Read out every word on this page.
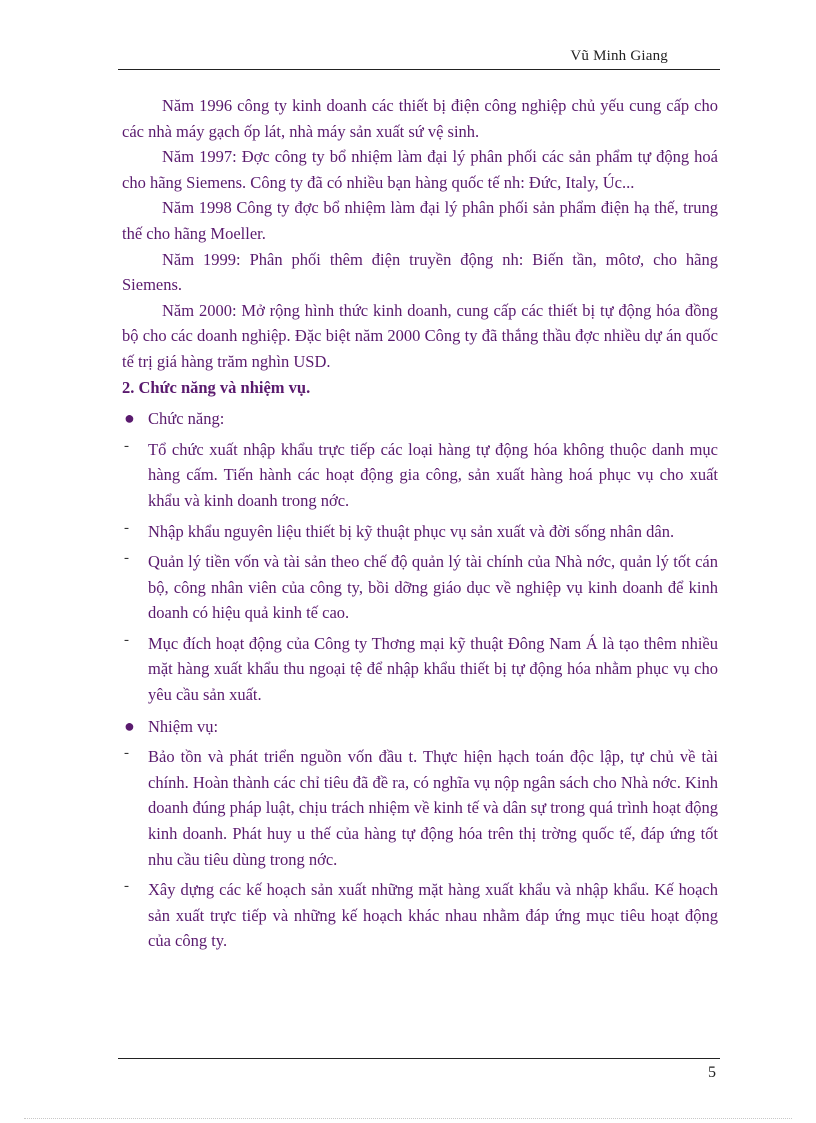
Vũ Minh Giang

Năm 1996 công ty kinh doanh các thiết bị điện công nghiệp chủ yếu cung cấp cho các nhà máy gạch ốp lát, nhà máy sản xuất sứ vệ sinh.

Năm 1997: Đợc công ty bổ nhiệm làm đại lý phân phối các sản phẩm tự động hoá cho hãng Siemens. Công ty đã có nhiều bạn hàng quốc tế nh: Đức, Italy, Úc...

Năm 1998 Công ty đợc bổ nhiệm làm đại lý phân phối sản phẩm điện hạ thế, trung thế cho hãng Moeller.

Năm 1999: Phân phối thêm điện truyền động nh: Biến tần, môtơ, cho hãng Siemens.

Năm 2000: Mở rộng hình thức kinh doanh, cung cấp các thiết bị tự động hóa đồng bộ cho các doanh nghiệp. Đặc biệt năm 2000 Công ty đã thắng thầu đợc nhiều dự án quốc tế trị giá hàng trăm nghìn USD.

2. Chức năng và nhiệm vụ.

● Chức năng:
- Tổ chức xuất nhập khẩu trực tiếp các loại hàng tự động hóa không thuộc danh mục hàng cấm. Tiến hành các hoạt động gia công, sản xuất hàng hoá phục vụ cho xuất khẩu và kinh doanh trong nớc.
- Nhập khẩu nguyên liệu thiết bị kỹ thuật phục vụ sản xuất và đời sống nhân dân.
- Quản lý tiền vốn và tài sản theo chế độ quản lý tài chính của Nhà nớc, quản lý tốt cán bộ, công nhân viên của công ty, bồi dỡng giáo dục về nghiệp vụ kinh doanh để kinh doanh có hiệu quả kinh tế cao.
- Mục đích hoạt động của Công ty Thơng mại kỹ thuật Đông Nam Á là tạo thêm nhiều mặt hàng xuất khẩu thu ngoại tệ để nhập khẩu thiết bị tự động hóa nhằm phục vụ cho yêu cầu sản xuất.
● Nhiệm vụ:
- Bảo tồn và phát triển nguồn vốn đầu t. Thực hiện hạch toán độc lập, tự chủ về tài chính. Hoàn thành các chỉ tiêu đã đề ra, có nghĩa vụ nộp ngân sách cho Nhà nớc. Kinh doanh đúng pháp luật, chịu trách nhiệm về kinh tế và dân sự trong quá trình hoạt động kinh doanh. Phát huy u thế của hàng tự động hóa trên thị trờng quốc tế, đáp ứng tốt nhu cầu tiêu dùng trong nớc.
- Xây dựng các kế hoạch sản xuất những mặt hàng xuất khẩu và nhập khẩu. Kế hoạch sản xuất trực tiếp và những kế hoạch khác nhau nhằm đáp ứng mục tiêu hoạt động của công ty.
5
